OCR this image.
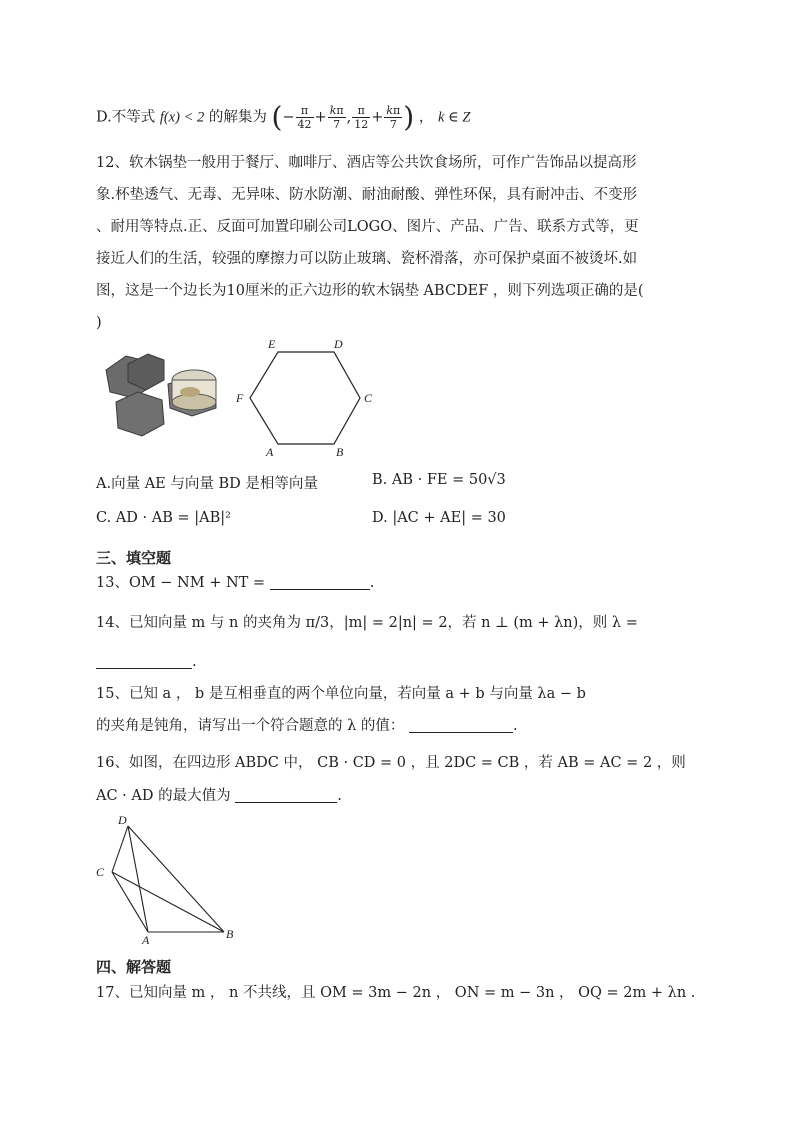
D.不等式 f(x) < 2 的解集为 (− $\frac{\pi}{42} + \frac{k\pi}{7}$ , $\frac{\pi}{12} + \frac{k\pi}{7}$ ) ， k ∈ Z
12、软木锅垫一般用于餐厅、咖啡厅、酒店等公共饮食场所，可作广告饰品以提高形
象.杯垫透气、无毒、无异味、防水防潮、耐油耐酸、弹性环保，具有耐冲击、不变形
、耐用等特点.正、反面可加置印刷公司LOGO、图片、产品、广告、联系方式等，更
接近人们的生活，较强的摩擦力可以防止玻璃、瓷杯滑落，亦可保护桌面不被烫坏.如
图，这是一个边长为10厘米的正六边形的软木锅垫 ABCDEF ，则下列选项正确的是(
)
E	D
F	C
A	B
A.向量 AE 与向量 BD 是相等向量	B. AB · FE = 50√3
C. AD · AB = |AB|²	D. |AC + AE| = 30
三、填空题
13、OM − NM + NT =	.
14、已知向量 m 与 n 的夹角为 π/3，|m| = 2|n| = 2，若 n ⊥ (m + λn)，则 λ =
.
15、已知 a ， b 是互相垂直的两个单位向量，若向量 a + b 与向量 λa − b
的夹角是钝角，请写出一个符合题意的 λ 的值：	.
16、如图，在四边形 ABDC 中， CB · CD = 0 ，且 2DC = CB ，若 AB = AC = 2 ，则
AC · AD 的最大值为	.
D
C
A	B
四、解答题
17、已知向量 m ， n 不共线，且 OM = 3m − 2n ， ON = m − 3n ， OQ = 2m + λn .
